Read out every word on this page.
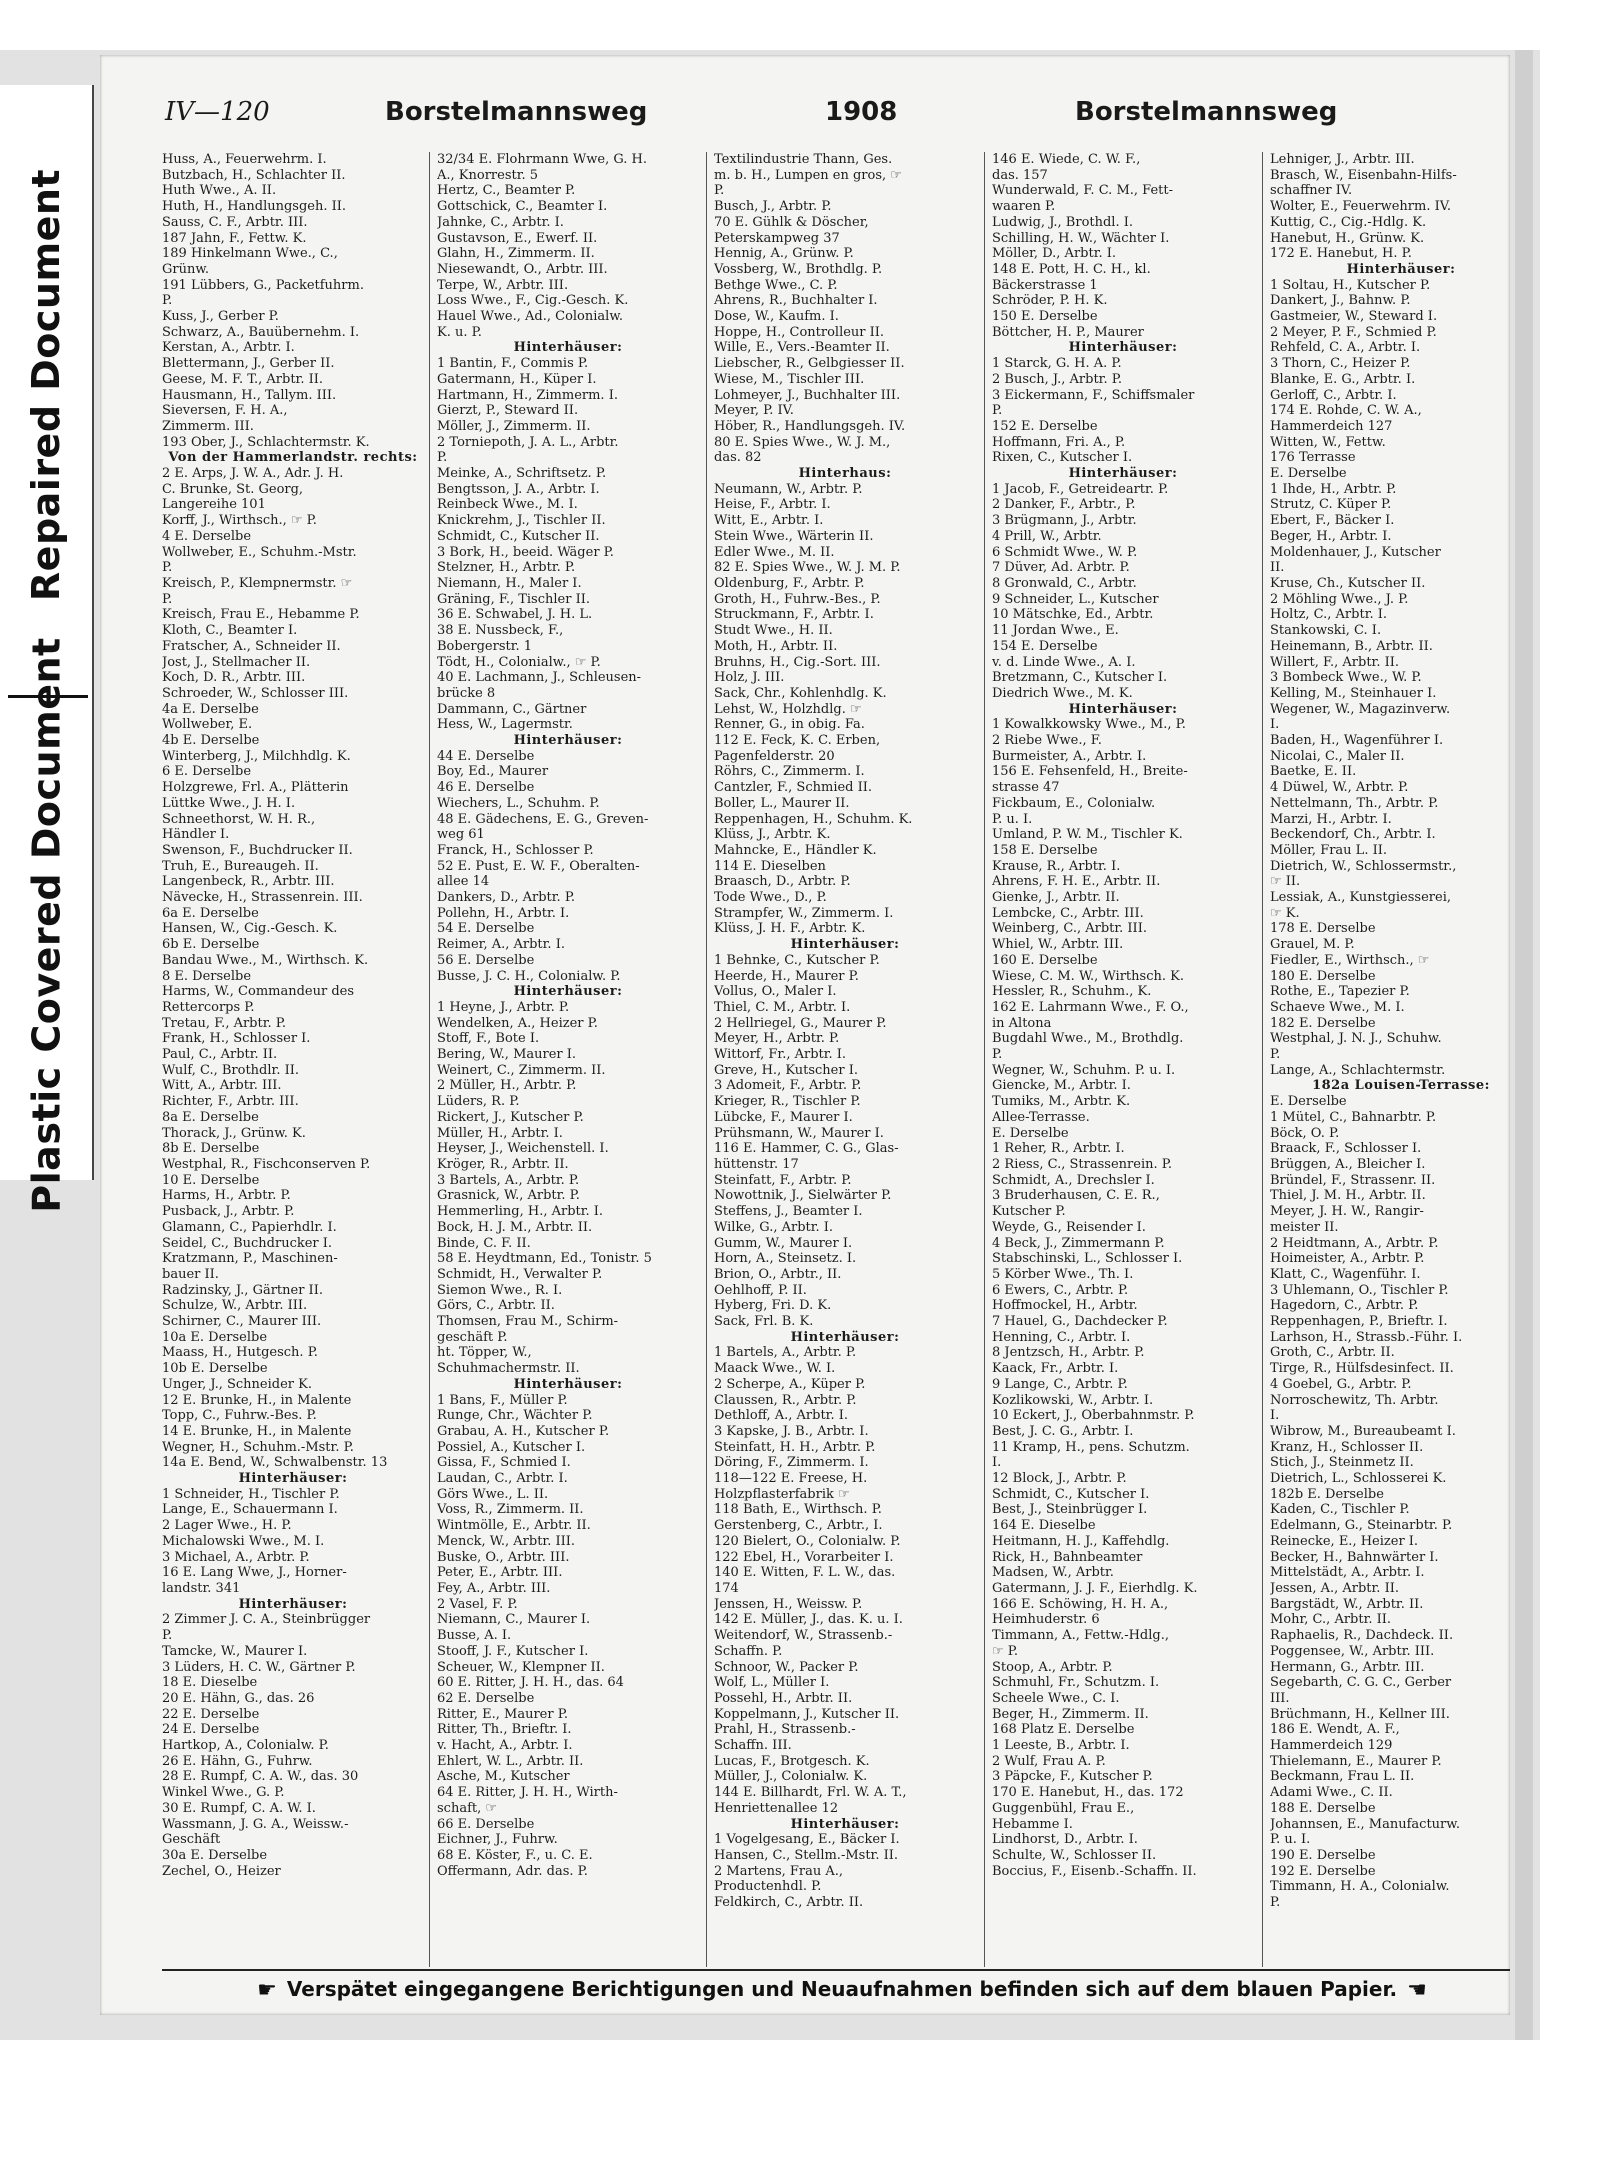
Repaired Document
Plastic Covered Document
IV—120	Borstelmannsweg	1908	Borstelmannsweg
Huss, A., Feuerwehrm. I.
Butzbach, H., Schlachter II.
Huth Wwe., A. II.
Huth, H., Handlungsgeh. II.
Sauss, C. F., Arbtr. III.
187 Jahn, F., Fettw. K.
189 Hinkelmann Wwe., C.,
Grünw.
191 Lübbers, G., Packetfuhrm.
P.
Kuss, J., Gerber P.
Schwarz, A., Bauübernehm. I.
Kerstan, A., Arbtr. I.
Blettermann, J., Gerber II.
Geese, M. F. T., Arbtr. II.
Hausmann, H., Tallym. III.
Sieversen, F. H. A.,
Zimmerm. III.
193 Ober, J., Schlachtermstr. K.
Von der Hammerlandstr. rechts:
2 E. Arps, J. W. A., Adr. J. H.
C. Brunke, St. Georg,
Langereihe 101
Korff, J., Wirthsch., ☞ P.
4 E. Derselbe
Wollweber, E., Schuhm.-Mstr.
P.
Kreisch, P., Klempnermstr. ☞
P.
Kreisch, Frau E., Hebamme P.
Kloth, C., Beamter I.
Fratscher, A., Schneider II.
Jost, J., Stellmacher II.
Koch, D. R., Arbtr. III.
Schroeder, W., Schlosser III.
4a E. Derselbe
Wollweber, E.
4b E. Derselbe
Winterberg, J., Milchhdlg. K.
6 E. Derselbe
Holzgrewe, Frl. A., Plätterin
Lüttke Wwe., J. H. I.
Schneethorst, W. H. R.,
Händler I.
Swenson, F., Buchdrucker II.
Truh, E., Bureaugeh. II.
Langenbeck, R., Arbtr. III.
Nävecke, H., Strassenrein. III.
6a E. Derselbe
Hansen, W., Cig.-Gesch. K.
6b E. Derselbe
Bandau Wwe., M., Wirthsch. K.
8 E. Derselbe
Harms, W., Commandeur des
Rettercorps P.
Tretau, F., Arbtr. P.
Frank, H., Schlosser I.
Paul, C., Arbtr. II.
Wulf, C., Brothdlr. II.
Witt, A., Arbtr. III.
Richter, F., Arbtr. III.
8a E. Derselbe
Thorack, J., Grünw. K.
8b E. Derselbe
Westphal, R., Fischconserven P.
10 E. Derselbe
Harms, H., Arbtr. P.
Pusback, J., Arbtr. P.
Glamann, C., Papierhdlr. I.
Seidel, C., Buchdrucker I.
Kratzmann, P., Maschinen-
bauer II.
Radzinsky, J., Gärtner II.
Schulze, W., Arbtr. III.
Schirner, C., Maurer III.
10a E. Derselbe
Maass, H., Hutgesch. P.
10b E. Derselbe
Unger, J., Schneider K.
12 E. Brunke, H., in Malente
Topp, C., Fuhrw.-Bes. P.
14 E. Brunke, H., in Malente
Wegner, H., Schuhm.-Mstr. P.
14a E. Bend, W., Schwalbenstr. 13
Hinterhäuser:
1 Schneider, H., Tischler P.
Lange, E., Schauermann I.
2 Lager Wwe., H. P.
Michalowski Wwe., M. I.
3 Michael, A., Arbtr. P.
16 E. Lang Wwe, J., Horner-
landstr. 341
Hinterhäuser:
2 Zimmer J. C. A., Steinbrügger
P.
Tamcke, W., Maurer I.
3 Lüders, H. C. W., Gärtner P.
18 E. Dieselbe
20 E. Hähn, G., das. 26
22 E. Derselbe
24 E. Derselbe
Hartkop, A., Colonialw. P.
26 E. Hähn, G., Fuhrw.
28 E. Rumpf, C. A. W., das. 30
Winkel Wwe., G. P.
30 E. Rumpf, C. A. W. I.
Wassmann, J. G. A., Weissw.-
Geschäft
30a E. Derselbe
Zechel, O., Heizer
32/34 E. Flohrmann Wwe, G. H.
A., Knorrestr. 5
Hertz, C., Beamter P.
Gottschick, C., Beamter I.
Jahnke, C., Arbtr. I.
Gustavson, E., Ewerf. II.
Glahn, H., Zimmerm. II.
Niesewandt, O., Arbtr. III.
Terpe, W., Arbtr. III.
Loss Wwe., F., Cig.-Gesch. K.
Hauel Wwe., Ad., Colonialw.
K. u. P.
Hinterhäuser:
1 Bantin, F., Commis P.
Gatermann, H., Küper I.
Hartmann, H., Zimmerm. I.
Gierzt, P., Steward II.
Möller, J., Zimmerm. II.
2 Torniepoth, J. A. L., Arbtr.
P.
Meinke, A., Schriftsetz. P.
Bengtsson, J. A., Arbtr. I.
Reinbeck Wwe., M. I.
Knickrehm, J., Tischler II.
Schmidt, C., Kutscher II.
3 Bork, H., beeid. Wäger P.
Stelzner, H., Arbtr. P.
Niemann, H., Maler I.
Gräning, F., Tischler II.
36 E. Schwabel, J. H. L.
38 E. Nussbeck, F.,
Bobergerstr. 1
Tödt, H., Colonialw., ☞ P.
40 E. Lachmann, J., Schleusen-
brücke 8
Dammann, C., Gärtner
Hess, W., Lagermstr.
Hinterhäuser:
44 E. Derselbe
Boy, Ed., Maurer
46 E. Derselbe
Wiechers, L., Schuhm. P.
48 E. Gädechens, E. G., Greven-
weg 61
Franck, H., Schlosser P.
52 E. Pust, E. W. F., Oberalten-
allee 14
Dankers, D., Arbtr. P.
Pollehn, H., Arbtr. I.
54 E. Derselbe
Reimer, A., Arbtr. I.
56 E. Derselbe
Busse, J. C. H., Colonialw. P.
Hinterhäuser:
1 Heyne, J., Arbtr. P.
Wendelken, A., Heizer P.
Stoff, F., Bote I.
Bering, W., Maurer I.
Weinert, C., Zimmerm. II.
2 Müller, H., Arbtr. P.
Lüders, R. P.
Rickert, J., Kutscher P.
Müller, H., Arbtr. I.
Heyser, J., Weichenstell. I.
Kröger, R., Arbtr. II.
3 Bartels, A., Arbtr. P.
Grasnick, W., Arbtr. P.
Hemmerling, H., Arbtr. I.
Bock, H. J. M., Arbtr. II.
Binde, C. F. II.
58 E. Heydtmann, Ed., Tonistr. 5
Schmidt, H., Verwalter P.
Siemon Wwe., R. I.
Görs, C., Arbtr. II.
Thomsen, Frau M., Schirm-
geschäft P.
ht. Töpper, W.,
Schuhmachermstr. II.
Hinterhäuser:
1 Bans, F., Müller P.
Runge, Chr., Wächter P.
Grabau, A. H., Kutscher P.
Possiel, A., Kutscher I.
Gissa, F., Schmied I.
Laudan, C., Arbtr. I.
Görs Wwe., L. II.
Voss, R., Zimmerm. II.
Wintmölle, E., Arbtr. II.
Menck, W., Arbtr. III.
Buske, O., Arbtr. III.
Peter, E., Arbtr. III.
Fey, A., Arbtr. III.
2 Vasel, F. P.
Niemann, C., Maurer I.
Busse, A. I.
Stooff, J. F., Kutscher I.
Scheuer, W., Klempner II.
60 E. Ritter, J. H. H., das. 64
62 E. Derselbe
Ritter, E., Maurer P.
Ritter, Th., Brieftr. I.
v. Hacht, A., Arbtr. I.
Ehlert, W. L., Arbtr. II.
Asche, M., Kutscher
64 E. Ritter, J. H. H., Wirth-
schaft, ☞
66 E. Derselbe
Eichner, J., Fuhrw.
68 E. Köster, F., u. C. E.
Offermann, Adr. das. P.
Textilindustrie Thann, Ges.
m. b. H., Lumpen en gros, ☞
P.
Busch, J., Arbtr. P.
70 E. Gühlk & Döscher,
Peterskampweg 37
Hennig, A., Grünw. P.
Vossberg, W., Brothdlg. P.
Bethge Wwe., C. P.
Ahrens, R., Buchhalter I.
Dose, W., Kaufm. I.
Hoppe, H., Controlleur II.
Wille, E., Vers.-Beamter II.
Liebscher, R., Gelbgiesser II.
Wiese, M., Tischler III.
Lohmeyer, J., Buchhalter III.
Meyer, P. IV.
Höber, R., Handlungsgeh. IV.
80 E. Spies Wwe., W. J. M.,
das. 82
Hinterhaus:
Neumann, W., Arbtr. P.
Heise, F., Arbtr. I.
Witt, E., Arbtr. I.
Stein Wwe., Wärterin II.
Edler Wwe., M. II.
82 E. Spies Wwe., W. J. M. P.
Oldenburg, F., Arbtr. P.
Groth, H., Fuhrw.-Bes., P.
Struckmann, F., Arbtr. I.
Studt Wwe., H. II.
Moth, H., Arbtr. II.
Bruhns, H., Cig.-Sort. III.
Holz, J. III.
Sack, Chr., Kohlenhdlg. K.
Lehst, W., Holzhdlg. ☞
Renner, G., in obig. Fa.
112 E. Feck, K. C. Erben,
Pagenfelderstr. 20
Röhrs, C., Zimmerm. I.
Cantzler, F., Schmied II.
Boller, L., Maurer II.
Reppenhagen, H., Schuhm. K.
Klüss, J., Arbtr. K.
Mahncke, E., Händler K.
114 E. Dieselben
Braasch, D., Arbtr. P.
Tode Wwe., D., P.
Strampfer, W., Zimmerm. I.
Klüss, J. H. F., Arbtr. K.
Hinterhäuser:
1 Behnke, C., Kutscher P.
Heerde, H., Maurer P.
Vollus, O., Maler I.
Thiel, C. M., Arbtr. I.
2 Hellriegel, G., Maurer P.
Meyer, H., Arbtr. P.
Wittorf, Fr., Arbtr. I.
Greve, H., Kutscher I.
3 Adomeit, F., Arbtr. P.
Krieger, R., Tischler P.
Lübcke, F., Maurer I.
Prühsmann, W., Maurer I.
116 E. Hammer, C. G., Glas-
hüttenstr. 17
Steinfatt, F., Arbtr. P.
Nowottnik, J., Sielwärter P.
Steffens, J., Beamter I.
Wilke, G., Arbtr. I.
Gumm, W., Maurer I.
Horn, A., Steinsetz. I.
Brion, O., Arbtr., II.
Oehlhoff, P. II.
Hyberg, Fri. D. K.
Sack, Frl. B. K.
Hinterhäuser:
1 Bartels, A., Arbtr. P.
Maack Wwe., W. I.
2 Scherpe, A., Küper P.
Claussen, R., Arbtr. P.
Dethloff, A., Arbtr. I.
3 Kapske, J. B., Arbtr. I.
Steinfatt, H. H., Arbtr. P.
Döring, F., Zimmerm. I.
118—122 E. Freese, H.
Holzpflasterfabrik ☞
118 Bath, E., Wirthsch. P.
Gerstenberg, C., Arbtr., I.
120 Bielert, O., Colonialw. P.
122 Ebel, H., Vorarbeiter I.
140 E. Witten, F. L. W., das.
174
Jenssen, H., Weissw. P.
142 E. Müller, J., das. K. u. I.
Weitendorf, W., Strassenb.-
Schaffn. P.
Schnoor, W., Packer P.
Wolf, L., Müller I.
Possehl, H., Arbtr. II.
Koppelmann, J., Kutscher II.
Prahl, H., Strassenb.-
Schaffn. III.
Lucas, F., Brotgesch. K.
Müller, J., Colonialw. K.
144 E. Billhardt, Frl. W. A. T.,
Henriettenallee 12
Hinterhäuser:
1 Vogelgesang, E., Bäcker I.
Hansen, C., Stellm.-Mstr. II.
2 Martens, Frau A.,
Productenhdl. P.
Feldkirch, C., Arbtr. II.
146 E. Wiede, C. W. F.,
das. 157
Wunderwald, F. C. M., Fett-
waaren P.
Ludwig, J., Brothdl. I.
Schilling, H. W., Wächter I.
Möller, D., Arbtr. I.
148 E. Pott, H. C. H., kl.
Bäckerstrasse 1
Schröder, P. H. K.
150 E. Derselbe
Böttcher, H. P., Maurer
Hinterhäuser:
1 Starck, G. H. A. P.
2 Busch, J., Arbtr. P.
3 Eickermann, F., Schiffsmaler
P.
152 E. Derselbe
Hoffmann, Fri. A., P.
Rixen, C., Kutscher I.
Hinterhäuser:
1 Jacob, F., Getreideartr. P.
2 Danker, F., Arbtr., P.
3 Brügmann, J., Arbtr.
4 Prill, W., Arbtr.
6 Schmidt Wwe., W. P.
7 Düver, Ad. Arbtr. P.
8 Gronwald, C., Arbtr.
9 Schneider, L., Kutscher
10 Mätschke, Ed., Arbtr.
11 Jordan Wwe., E.
154 E. Derselbe
v. d. Linde Wwe., A. I.
Bretzmann, C., Kutscher I.
Diedrich Wwe., M. K.
Hinterhäuser:
1 Kowalkkowsky Wwe., M., P.
2 Riebe Wwe., F.
Burmeister, A., Arbtr. I.
156 E. Fehsenfeld, H., Breite-
strasse 47
Fickbaum, E., Colonialw.
P. u. I.
Umland, P. W. M., Tischler K.
158 E. Derselbe
Krause, R., Arbtr. I.
Ahrens, F. H. E., Arbtr. II.
Gienke, J., Arbtr. II.
Lembcke, C., Arbtr. III.
Weinberg, C., Arbtr. III.
Whiel, W., Arbtr. III.
160 E. Derselbe
Wiese, C. M. W., Wirthsch. K.
Hessler, R., Schuhm., K.
162 E. Lahrmann Wwe., F. O.,
in Altona
Bugdahl Wwe., M., Brothdlg.
P.
Wegner, W., Schuhm. P. u. I.
Giencke, M., Arbtr. I.
Tumiks, M., Arbtr. K.
Allee-Terrasse.
E. Derselbe
1 Reher, R., Arbtr. I.
2 Riess, C., Strassenrein. P.
Schmidt, A., Drechsler I.
3 Bruderhausen, C. E. R.,
Kutscher P.
Weyde, G., Reisender I.
4 Beck, J., Zimmermann P.
Stabschinski, L., Schlosser I.
5 Körber Wwe., Th. I.
6 Ewers, C., Arbtr. P.
Hoffmockel, H., Arbtr.
7 Hauel, G., Dachdecker P.
Henning, C., Arbtr. I.
8 Jentzsch, H., Arbtr. P.
Kaack, Fr., Arbtr. I.
9 Lange, C., Arbtr. P.
Kozlikowski, W., Arbtr. I.
10 Eckert, J., Oberbahnmstr. P.
Best, J. C. G., Arbtr. I.
11 Kramp, H., pens. Schutzm.
I.
12 Block, J., Arbtr. P.
Schmidt, C., Kutscher I.
Best, J., Steinbrügger I.
164 E. Dieselbe
Heitmann, H. J., Kaffehdlg.
Rick, H., Bahnbeamter
Madsen, W., Arbtr.
Gatermann, J. J. F., Eierhdlg. K.
166 E. Schöwing, H. H. A.,
Heimhuderstr. 6
Timmann, A., Fettw.-Hdlg.,
☞ P.
Stoop, A., Arbtr. P.
Schmuhl, Fr., Schutzm. I.
Scheele Wwe., C. I.
Beger, H., Zimmerm. II.
168 Platz E. Derselbe
1 Leeste, B., Arbtr. I.
2 Wulf, Frau A. P.
3 Päpcke, F., Kutscher P.
170 E. Hanebut, H., das. 172
Guggenbühl, Frau E.,
Hebamme I.
Lindhorst, D., Arbtr. I.
Schulte, W., Schlosser II.
Boccius, F., Eisenb.-Schaffn. II.
Lehniger, J., Arbtr. III.
Brasch, W., Eisenbahn-Hilfs-
schaffner IV.
Wolter, E., Feuerwehrm. IV.
Kuttig, C., Cig.-Hdlg. K.
Hanebut, H., Grünw. K.
172 E. Hanebut, H. P.
Hinterhäuser:
1 Soltau, H., Kutscher P.
Dankert, J., Bahnw. P.
Gastmeier, W., Steward I.
2 Meyer, P. F., Schmied P.
Rehfeld, C. A., Arbtr. I.
3 Thorn, C., Heizer P.
Blanke, E. G., Arbtr. I.
Gerloff, C., Arbtr. I.
174 E. Rohde, C. W. A.,
Hammerdeich 127
Witten, W., Fettw.
176 Terrasse
E. Derselbe
1 Ihde, H., Arbtr. P.
Strutz, C. Küper P.
Ebert, F., Bäcker I.
Beger, H., Arbtr. I.
Moldenhauer, J., Kutscher
II.
Kruse, Ch., Kutscher II.
2 Möhling Wwe., J. P.
Holtz, C., Arbtr. I.
Stankowski, C. I.
Heinemann, B., Arbtr. II.
Willert, F., Arbtr. II.
3 Bombeck Wwe., W. P.
Kelling, M., Steinhauer I.
Wegener, W., Magazinverw.
I.
Baden, H., Wagenführer I.
Nicolai, C., Maler II.
Baetke, E. II.
4 Düwel, W., Arbtr. P.
Nettelmann, Th., Arbtr. P.
Marzi, H., Arbtr. I.
Beckendorf, Ch., Arbtr. I.
Möller, Frau L. II.
Dietrich, W., Schlossermstr.,
☞ II.
Lessiak, A., Kunstgiesserei,
☞ K.
178 E. Derselbe
Grauel, M. P.
Fiedler, E., Wirthsch., ☞
180 E. Derselbe
Rothe, E., Tapezier P.
Schaeve Wwe., M. I.
182 E. Derselbe
Westphal, J. N. J., Schuhw.
P.
Lange, A., Schlachtermstr.
182a Louisen-Terrasse:
E. Derselbe
1 Mütel, C., Bahnarbtr. P.
Böck, O. P.
Braack, F., Schlosser I.
Brüggen, A., Bleicher I.
Bründel, F., Strassenr. II.
Thiel, J. M. H., Arbtr. II.
Meyer, J. H. W., Rangir-
meister II.
2 Heidtmann, A., Arbtr. P.
Hoimeister, A., Arbtr. P.
Klatt, C., Wagenführ. I.
3 Uhlemann, O., Tischler P.
Hagedorn, C., Arbtr. P.
Reppenhagen, P., Brieftr. I.
Larhson, H., Strassb.-Führ. I.
Groth, C., Arbtr. II.
Tirge, R., Hülfsdesinfect. II.
4 Goebel, G., Arbtr. P.
Norroschewitz, Th. Arbtr.
I.
Wibrow, M., Bureaubeamt I.
Kranz, H., Schlosser II.
Stich, J., Steinmetz II.
Dietrich, L., Schlosserei K.
182b E. Derselbe
Kaden, C., Tischler P.
Edelmann, G., Steinarbtr. P.
Reinecke, E., Heizer I.
Becker, H., Bahnwärter I.
Mittelstädt, A., Arbtr. I.
Jessen, A., Arbtr. II.
Bargstädt, W., Arbtr. II.
Mohr, C., Arbtr. II.
Raphaelis, R., Dachdeck. II.
Poggensee, W., Arbtr. III.
Hermann, G., Arbtr. III.
Segebarth, C. G. C., Gerber
III.
Brüchmann, H., Kellner III.
186 E. Wendt, A. F.,
Hammerdeich 129
Thielemann, E., Maurer P.
Beckmann, Frau L. II.
Adami Wwe., C. II.
188 E. Derselbe
Johannsen, E., Manufacturw.
P. u. I.
190 E. Derselbe
192 E. Derselbe
Timmann, H. A., Colonialw.
P.
☛ Verspätet eingegangene Berichtigungen und Neuaufnahmen befinden sich auf dem blauen Papier. ☚
